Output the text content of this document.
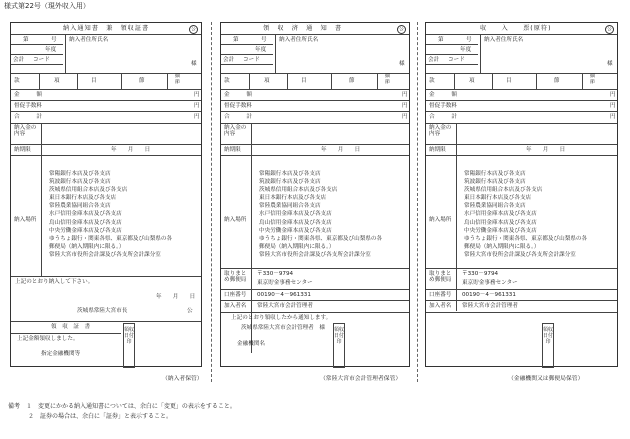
様式第22号（現外収入用）
納入通知書　兼　領収証書	公
第　　　　号 納入者住所氏名
年度
会計 コード
様
款	項	目	節
細節
金　　　額	円
督促手数料	円
合　　　計	円
納入金の内容
納期限	年　　月　　日
納入場所
常陽銀行本店及び各支店
筑波銀行本店及び各支店
茨城県信用組合本店及び各支店
東日本銀行本店及び各支店
常陸農業協同組合各支店
水戸信用金庫本店及び各支店
烏山信用金庫本店及び各支店
中央労働金庫本店及び各支店
ゆうちょ銀行・関東各県、東京都及び山梨県の各
郵便局（納入期限内に限る。）
常陸大宮市役所会計課及び各支所会計課分室
上記のとおり納入して下さい。
年　　月　　日
茨城県常陸大宮市長	公
領　収　証　書
上記金額領収しました。
指定金融機関等
領収日付印
（納入者保管）
領　収　済　通　知　書	公
第　　　　号 納入者住所氏名
年度
会計 コード
様
款	項	目	節
細節
金　　　額	円
督促手数料	円
合　　　計	円
納入金の内容
納期限	年　　月　　日
納入場所
常陽銀行本店及び各支店
筑波銀行本店及び各支店
茨城県信用組合本店及び各支店
東日本銀行本店及び各支店
常陸農業協同組合各支店
水戸信用金庫本店及び各支店
烏山信用金庫本店及び各支店
中央労働金庫本店及び各支店
ゆうちょ銀行・関東各県、東京都及び山梨県の各
郵便局（納入期限内に限る。）
常陸大宮市役所会計課及び各支所会計課分室
取りまとめ郵便局
〒330－9794
東京貯金事務センター
口座番号 00190－4－961331
加入者名 常陸大宮市会計管理者
上記のとおり領収したから通知します。
茨城県常陸大宮市会計管理者　様
金融機関名
領収日付印
（常陸大宮市会計管理者保管）
収　　入　　票(原符)	公
第　　　　号 納入者住所氏名
年度
会計 コード
様
款	項	目	節
細節
金　　　額	円
督促手数料	円
合　　　計	円
納入金の内容
納期限	年　　月　　日
納入場所
常陽銀行本店及び各支店
筑波銀行本店及び各支店
茨城県信用組合本店及び各支店
東日本銀行本店及び各支店
常陸農業協同組合各支店
水戸信用金庫本店及び各支店
烏山信用金庫本店及び各支店
中央労働金庫本店及び各支店
ゆうちょ銀行・関東各県、東京都及び山梨県の各
郵便局（納入期限内に限る。）
常陸大宮市役所会計課及び各支所会計課分室
取りまとめ郵便局
〒330－9794
東京貯金事務センター
口座番号 00190－4－961331
加入者名 常陸大宮市会計管理者
領収日付印
（金融機関又は郵便局保管）
備考　 １　変更にかかる納入通知書については、余白に「変更」の表示をすること。
２　証券の場合は、余白に「証券」と表示すること。
